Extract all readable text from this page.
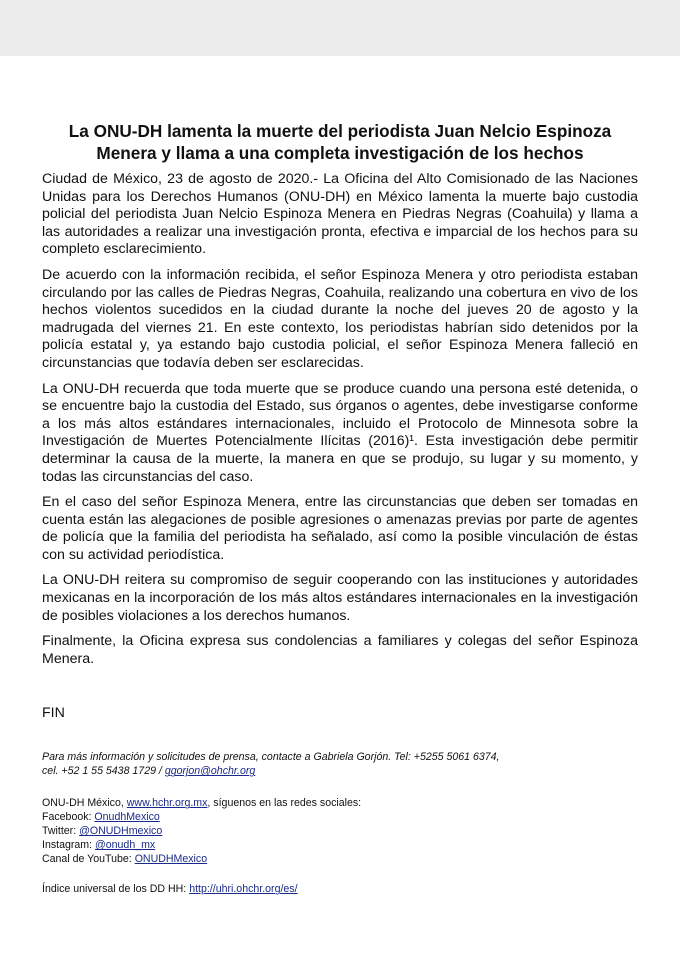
La ONU-DH lamenta la muerte del periodista Juan Nelcio Espinoza Menera y llama a una completa investigación de los hechos

Ciudad de México, 23 de agosto de 2020.- La Oficina del Alto Comisionado de las Naciones Unidas para los Derechos Humanos (ONU-DH) en México lamenta la muerte bajo custodia policial del periodista Juan Nelcio Espinoza Menera en Piedras Negras (Coahuila) y llama a las autoridades a realizar una investigación pronta, efectiva e imparcial de los hechos para su completo esclarecimiento.

De acuerdo con la información recibida, el señor Espinoza Menera y otro periodista estaban circulando por las calles de Piedras Negras, Coahuila, realizando una cobertura en vivo de los hechos violentos sucedidos en la ciudad durante la noche del jueves 20 de agosto y la madrugada del viernes 21. En este contexto, los periodistas habrían sido detenidos por la policía estatal y, ya estando bajo custodia policial, el señor Espinoza Menera falleció en circunstancias que todavía deben ser esclarecidas.

La ONU-DH recuerda que toda muerte que se produce cuando una persona esté detenida, o se encuentre bajo la custodia del Estado, sus órganos o agentes, debe investigarse conforme a los más altos estándares internacionales, incluido el Protocolo de Minnesota sobre la Investigación de Muertes Potencialmente Ilícitas (2016)¹. Esta investigación debe permitir determinar la causa de la muerte, la manera en que se produjo, su lugar y su momento, y todas las circunstancias del caso.

En el caso del señor Espinoza Menera, entre las circunstancias que deben ser tomadas en cuenta están las alegaciones de posible agresiones o amenazas previas por parte de agentes de policía que la familia del periodista ha señalado, así como la posible vinculación de éstas con su actividad periodística.

La ONU-DH reitera su compromiso de seguir cooperando con las instituciones y autoridades mexicanas en la incorporación de los más altos estándares internacionales en la investigación de posibles violaciones a los derechos humanos.

Finalmente, la Oficina expresa sus condolencias a familiares y colegas del señor Espinoza Menera.

FIN
Para más información y solicitudes de prensa, contacte a Gabriela Gorjón. Tel: +5255 5061 6374,
cel. +52 1 55 5438 1729 / ggorjon@ohchr.org
ONU-DH México, www.hchr.org.mx, síguenos en las redes sociales:
Facebook: OnudhMexico
Twitter: @ONUDHmexico
Instagram: @onudh_mx
Canal de YouTube: ONUDHMexico
Índice universal de los DD HH: http://uhri.ohchr.org/es/
